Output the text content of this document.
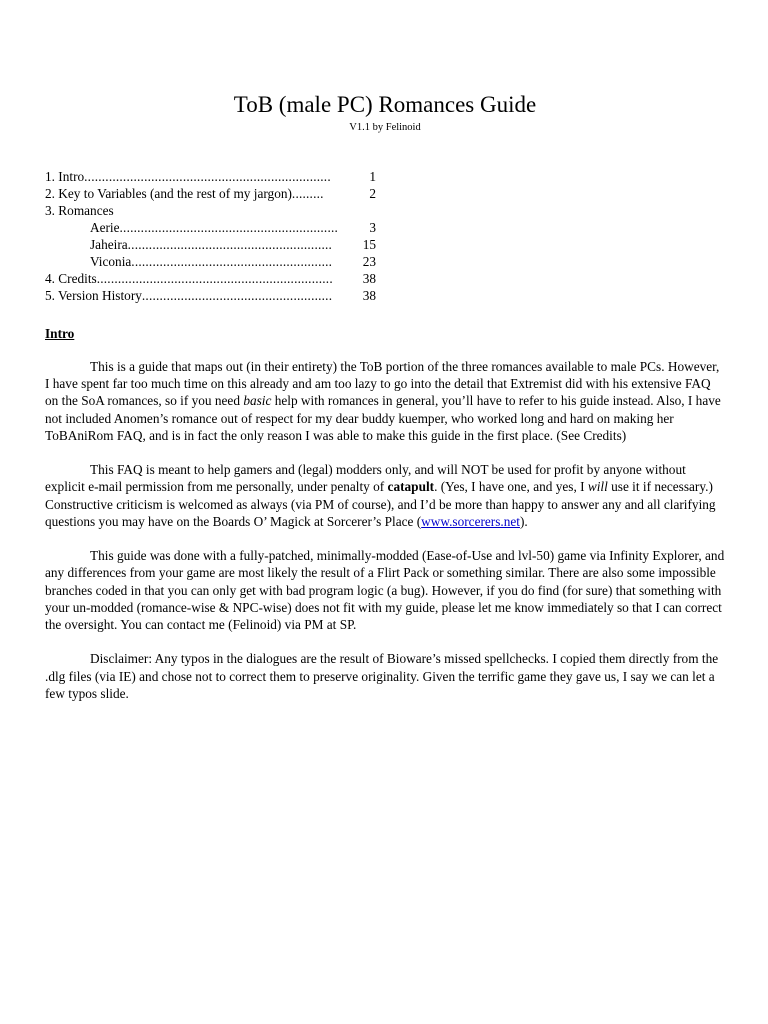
ToB (male PC) Romances Guide
V1.1 by Felinoid
1. Intro......................................................................	1
2. Key to Variables (and the rest of my jargon).........	2
3. Romances
Aerie.............................................................. 3
Jaheira.......................................................... 15
Viconia......................................................... 23
4. Credits................................................................... 38
5. Version History...................................................... 38
Intro

This is a guide that maps out (in their entirety) the ToB portion of the three romances available to male PCs. However, I have spent far too much time on this already and am too lazy to go into the detail that Extremist did with his extensive FAQ on the SoA romances, so if you need basic help with romances in general, you’ll have to refer to his guide instead. Also, I have not included Anomen’s romance out of respect for my dear buddy kuemper, who worked long and hard on making her ToBAniRom FAQ, and is in fact the only reason I was able to make this guide in the first place. (See Credits)

This FAQ is meant to help gamers and (legal) modders only, and will NOT be used for profit by anyone without explicit e-mail permission from me personally, under penalty of catapult. (Yes, I have one, and yes, I will use it if necessary.) Constructive criticism is welcomed as always (via PM of course), and I’d be more than happy to answer any and all clarifying questions you may have on the Boards O’ Magick at Sorcerer’s Place (www.sorcerers.net).

This guide was done with a fully-patched, minimally-modded (Ease-of-Use and lvl-50) game via Infinity Explorer, and any differences from your game are most likely the result of a Flirt Pack or something similar. There are also some impossible branches coded in that you can only get with bad program logic (a bug). However, if you do find (for sure) that something with your un-modded (romance-wise & NPC-wise) does not fit with my guide, please let me know immediately so that I can correct the oversight. You can contact me (Felinoid) via PM at SP.

Disclaimer: Any typos in the dialogues are the result of Bioware’s missed spellchecks. I copied them directly from the .dlg files (via IE) and chose not to correct them to preserve originality. Given the terrific game they gave us, I say we can let a few typos slide.
